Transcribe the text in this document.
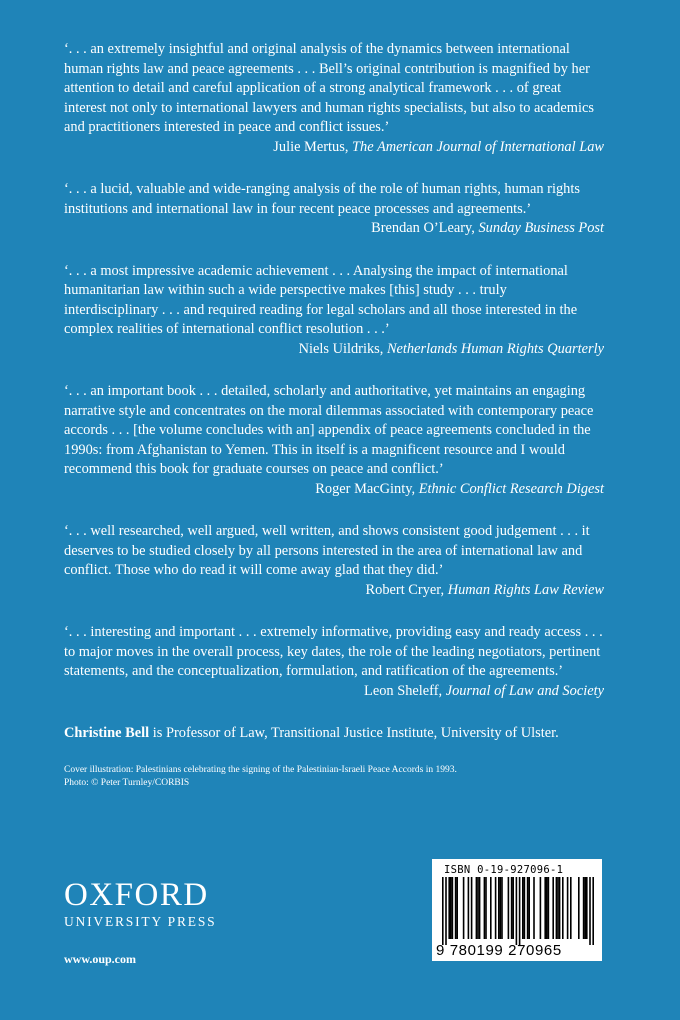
‘. . . an extremely insightful and original analysis of the dynamics between international human rights law and peace agreements . . . Bell’s original contribution is magnified by her attention to detail and careful application of a strong analytical framework . . . of great interest not only to international lawyers and human rights specialists, but also to academics and practitioners interested in peace and conflict issues.’

Julie Mertus, The American Journal of International Law

‘. . . a lucid, valuable and wide-ranging analysis of the role of human rights, human rights institutions and international law in four recent peace processes and agreements.’

Brendan O’Leary, Sunday Business Post

‘. . . a most impressive academic achievement . . . Analysing the impact of international humanitarian law within such a wide perspective makes [this] study . . . truly interdisciplinary . . . and required reading for legal scholars and all those interested in the complex realities of international conflict resolution . . .’

Niels Uildriks, Netherlands Human Rights Quarterly

‘. . . an important book . . . detailed, scholarly and authoritative, yet maintains an engaging narrative style and concentrates on the moral dilemmas associated with contemporary peace accords . . . [the volume concludes with an] appendix of peace agreements concluded in the 1990s: from Afghanistan to Yemen. This in itself is a magnificent resource and I would recommend this book for graduate courses on peace and conflict.’

Roger MacGinty, Ethnic Conflict Research Digest

‘. . . well researched, well argued, well written, and shows consistent good judgement . . . it deserves to be studied closely by all persons interested in the area of international law and conflict. Those who do read it will come away glad that they did.’

Robert Cryer, Human Rights Law Review

‘. . . interesting and important . . . extremely informative, providing easy and ready access . . . to major moves in the overall process, key dates, the role of the leading negotiators, pertinent statements, and the conceptualization, formulation, and ratification of the agreements.’

Leon Sheleff, Journal of Law and Society

Christine Bell is Professor of Law, Transitional Justice Institute, University of Ulster.
Cover illustration: Palestinians celebrating the signing of the Palestinian-Israeli Peace Accords in 1993.
Photo: © Peter Turnley/CORBIS
OXFORD
UNIVERSITY PRESS
www.oup.com
ISBN 0-19-927096-1
9 780199 270965
